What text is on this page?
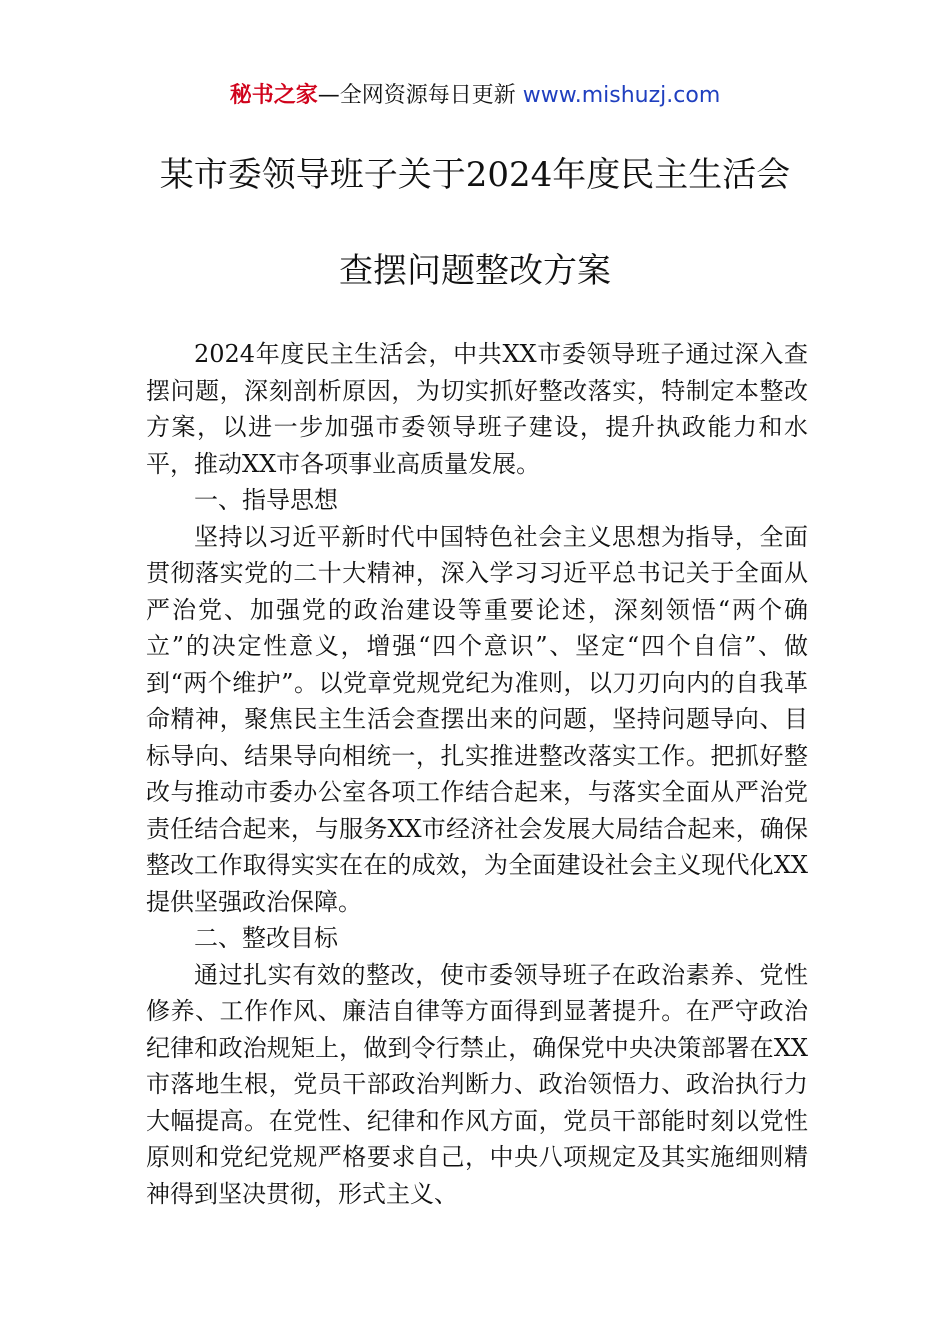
秘书之家—全网资源每日更新 www.mishuzj.com
某市委领导班子关于2024年度民主生活会
查摆问题整改方案

2024年度民主生活会，中共XX市委领导班子通过深入查摆问题，深刻剖析原因，为切实抓好整改落实，特制定本整改方案，以进一步加强市委领导班子建设，提升执政能力和水平，推动XX市各项事业高质量发展。

一、指导思想

坚持以习近平新时代中国特色社会主义思想为指导，全面贯彻落实党的二十大精神，深入学习习近平总书记关于全面从严治党、加强党的政治建设等重要论述，深刻领悟“两个确立”的决定性意义，增强“四个意识”、坚定“四个自信”、做到“两个维护”。以党章党规党纪为准则，以刀刃向内的自我革命精神，聚焦民主生活会查摆出来的问题，坚持问题导向、目标导向、结果导向相统一，扎实推进整改落实工作。把抓好整改与推动市委办公室各项工作结合起来，与落实全面从严治党责任结合起来，与服务XX市经济社会发展大局结合起来，确保整改工作取得实实在在的成效，为全面建设社会主义现代化XX提供坚强政治保障。

二、整改目标

通过扎实有效的整改，使市委领导班子在政治素养、党性修养、工作作风、廉洁自律等方面得到显著提升。在严守政治纪律和政治规矩上，做到令行禁止，确保党中央决策部署在XX市落地生根，党员干部政治判断力、政治领悟力、政治执行力大幅提高。在党性、纪律和作风方面，党员干部能时刻以党性原则和党纪党规严格要求自己，中央八项规定及其实施细则精神得到坚决贯彻，形式主义、
